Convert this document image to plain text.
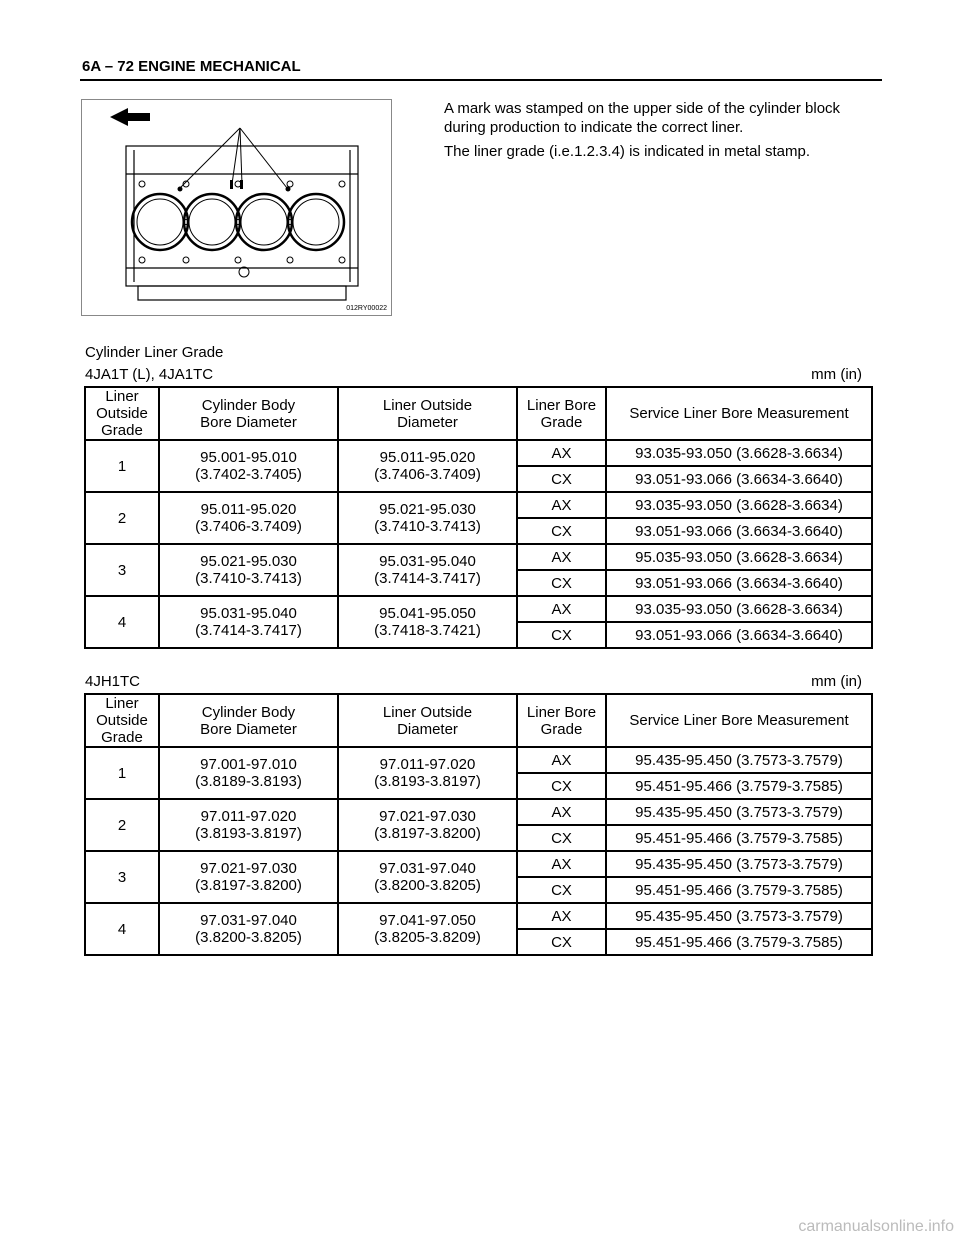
6A – 72 ENGINE MECHANICAL
012RY00022

A mark was stamped on the upper side of the cylinder block during production to indicate the correct liner.

The liner grade (i.e.1.2.3.4) is indicated in metal stamp.

Cylinder Liner Grade
4JA1T (L), 4JA1TC	mm (in)
Liner
Outside
Grade	Cylinder Body
Bore Diameter	Liner Outside
Diameter	Liner Bore
Grade	Service Liner Bore Measurement
1	95.001-95.010
(3.7402-3.7405)	95.011-95.020
(3.7406-3.7409)	AX	93.035-93.050 (3.6628-3.6634)
			CX	93.051-93.066 (3.6634-3.6640)
2	95.011-95.020
(3.7406-3.7409)	95.021-95.030
(3.7410-3.7413)	AX	93.035-93.050 (3.6628-3.6634)
			CX	93.051-93.066 (3.6634-3.6640)
3	95.021-95.030
(3.7410-3.7413)	95.031-95.040
(3.7414-3.7417)	AX	95.035-93.050 (3.6628-3.6634)
			CX	93.051-93.066 (3.6634-3.6640)
4	95.031-95.040
(3.7414-3.7417)	95.041-95.050
(3.7418-3.7421)	AX	93.035-93.050 (3.6628-3.6634)
			CX	93.051-93.066 (3.6634-3.6640)
4JH1TC	mm (in)
Liner
Outside
Grade	Cylinder Body
Bore Diameter	Liner Outside
Diameter	Liner Bore
Grade	Service Liner Bore Measurement
1	97.001-97.010
(3.8189-3.8193)	97.011-97.020
(3.8193-3.8197)	AX	95.435-95.450 (3.7573-3.7579)
			CX	95.451-95.466 (3.7579-3.7585)
2	97.011-97.020
(3.8193-3.8197)	97.021-97.030
(3.8197-3.8200)	AX	95.435-95.450 (3.7573-3.7579)
			CX	95.451-95.466 (3.7579-3.7585)
3	97.021-97.030
(3.8197-3.8200)	97.031-97.040
(3.8200-3.8205)	AX	95.435-95.450 (3.7573-3.7579)
			CX	95.451-95.466 (3.7579-3.7585)
4	97.031-97.040
(3.8200-3.8205)	97.041-97.050
(3.8205-3.8209)	AX	95.435-95.450 (3.7573-3.7579)
			CX	95.451-95.466 (3.7579-3.7585)
carmanualsonline.info
